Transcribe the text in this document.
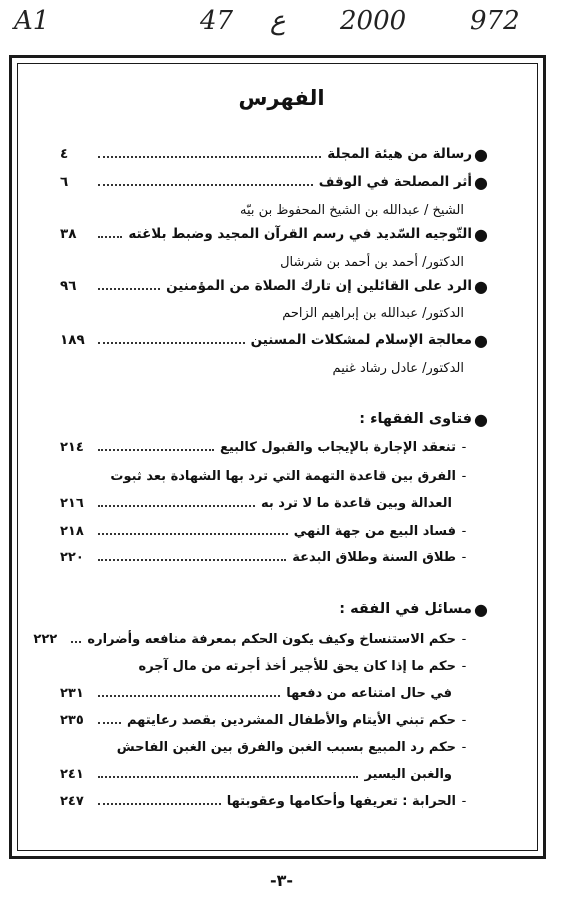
A1	47 ع 2000 972
الفهرس
●
رسالة من هيئة المجلة
٤
●
أثر المصلحة في الوقف
٦
الشيخ / عبدالله بن الشيخ المحفوظ بن بيّه
●
التّوجيه السّديد في رسم القرآن المجيد وضبط بلاغته
٣٨
الدكتور/ أحمد بن أحمد بن شرشال
●
الرد على القائلين إن تارك الصلاة من المؤمنين
٩٦
الدكتور/ عبدالله بن إبراهيم الزاحم
●
معالجة الإسلام لمشكلات المسنين
١٨٩
الدكتور/ عادل رشاد غنيم
●
فتاوى الفقهاء :
-
تنعقد الإجارة بالإيجاب والقبول كالبيع
٢١٤
-
الفرق بين قاعدة التهمة التي ترد بها الشهادة بعد ثبوت
العدالة وبين قاعدة ما لا ترد به
٢١٦
-
فساد البيع من جهة النهي
٢١٨
-
طلاق السنة وطلاق البدعة
٢٢٠
●
مسائل في الفقه :
-
حكم الاستنساخ وكيف يكون الحكم بمعرفة منافعه وأضراره
٢٢٢
-
حكم ما إذا كان يحق للأجير أخذ أجرته من مال آجره
في حال امتناعه من دفعها
٢٣١
-
حكم تبني الأيتام والأطفال المشردين بقصد رعايتهم
٢٣٥
-
حكم رد المبيع بسبب الغبن والفرق بين الغبن الفاحش
والغبن اليسير
٢٤١
-
الحرابة : تعريفها وأحكامها وعقوبتها
٢٤٧
-٣-
